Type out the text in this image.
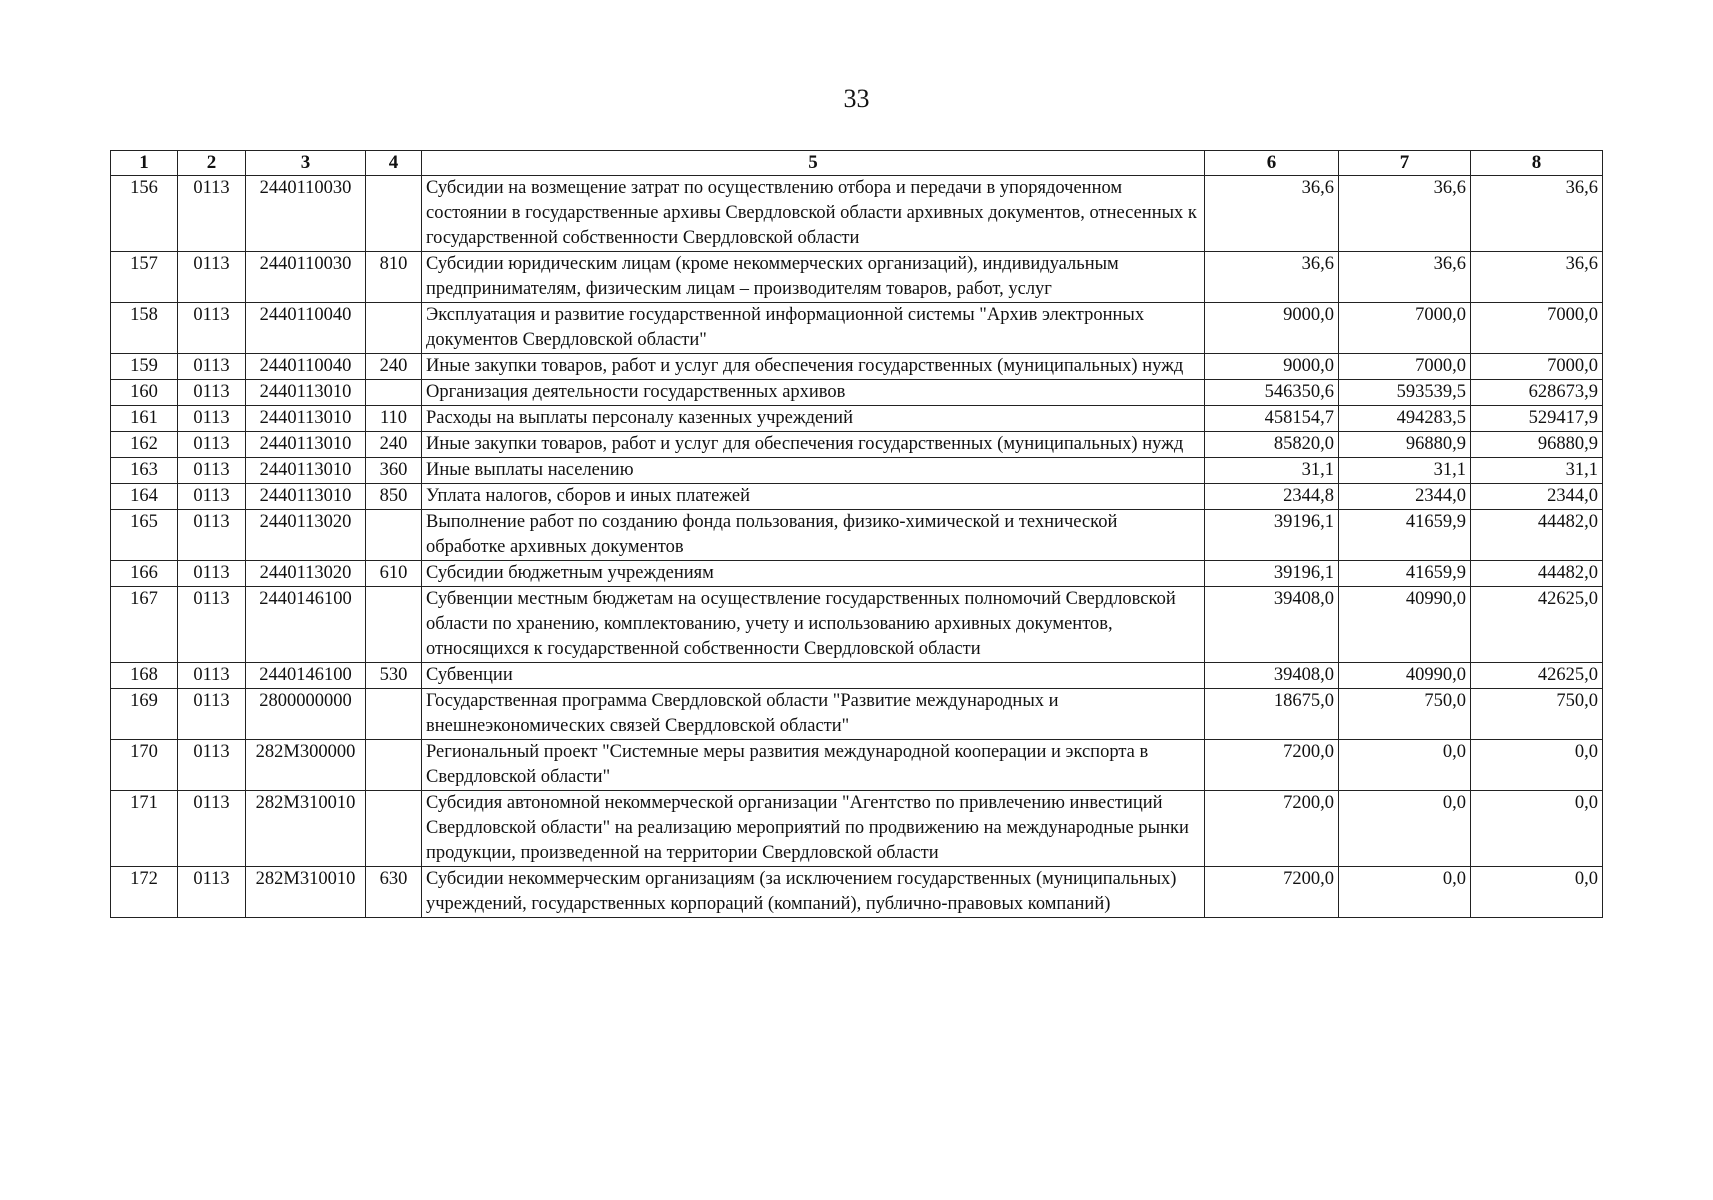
33
1	2	3	4	5	6	7	8
156	0113	2440110030		Субсидии на возмещение затрат по осуществлению отбора и передачи в упорядоченном состоянии в государственные архивы Свердловской области архивных документов, отнесенных к государственной собственности Свердловской области	36,6	36,6	36,6
157	0113	2440110030	810	Субсидии юридическим лицам (кроме некоммерческих организаций), индивидуальным предпринимателям, физическим лицам – производителям товаров, работ, услуг	36,6	36,6	36,6
158	0113	2440110040		Эксплуатация и развитие государственной информационной системы "Архив электронных документов Свердловской области"	9000,0	7000,0	7000,0
159	0113	2440110040	240	Иные закупки товаров, работ и услуг для обеспечения государственных (муниципальных) нужд	9000,0	7000,0	7000,0
160	0113	2440113010		Организация деятельности государственных архивов	546350,6	593539,5	628673,9
161	0113	2440113010	110	Расходы на выплаты персоналу казенных учреждений	458154,7	494283,5	529417,9
162	0113	2440113010	240	Иные закупки товаров, работ и услуг для обеспечения государственных (муниципальных) нужд	85820,0	96880,9	96880,9
163	0113	2440113010	360	Иные выплаты населению	31,1	31,1	31,1
164	0113	2440113010	850	Уплата налогов, сборов и иных платежей	2344,8	2344,0	2344,0
165	0113	2440113020		Выполнение работ по созданию фонда пользования, физико-химической и технической обработке архивных документов	39196,1	41659,9	44482,0
166	0113	2440113020	610	Субсидии бюджетным учреждениям	39196,1	41659,9	44482,0
167	0113	2440146100		Субвенции местным бюджетам на осуществление государственных полномочий Свердловской области по хранению, комплектованию, учету и использованию архивных документов, относящихся к государственной собственности Свердловской области	39408,0	40990,0	42625,0
168	0113	2440146100	530	Субвенции	39408,0	40990,0	42625,0
169	0113	2800000000		Государственная программа Свердловской области "Развитие международных и внешнеэкономических связей Свердловской области"	18675,0	750,0	750,0
170	0113	282M300000		Региональный проект "Системные меры развития международной кооперации и экспорта в Свердловской области"	7200,0	0,0	0,0
171	0113	282M310010		Субсидия автономной некоммерческой организации "Агентство по привлечению инвестиций Свердловской области" на реализацию мероприятий по продвижению на международные рынки продукции, произведенной на территории Свердловской области	7200,0	0,0	0,0
172	0113	282M310010	630	Субсидии некоммерческим организациям (за исключением государственных (муниципальных) учреждений, государственных корпораций (компаний), публично-правовых компаний)	7200,0	0,0	0,0
